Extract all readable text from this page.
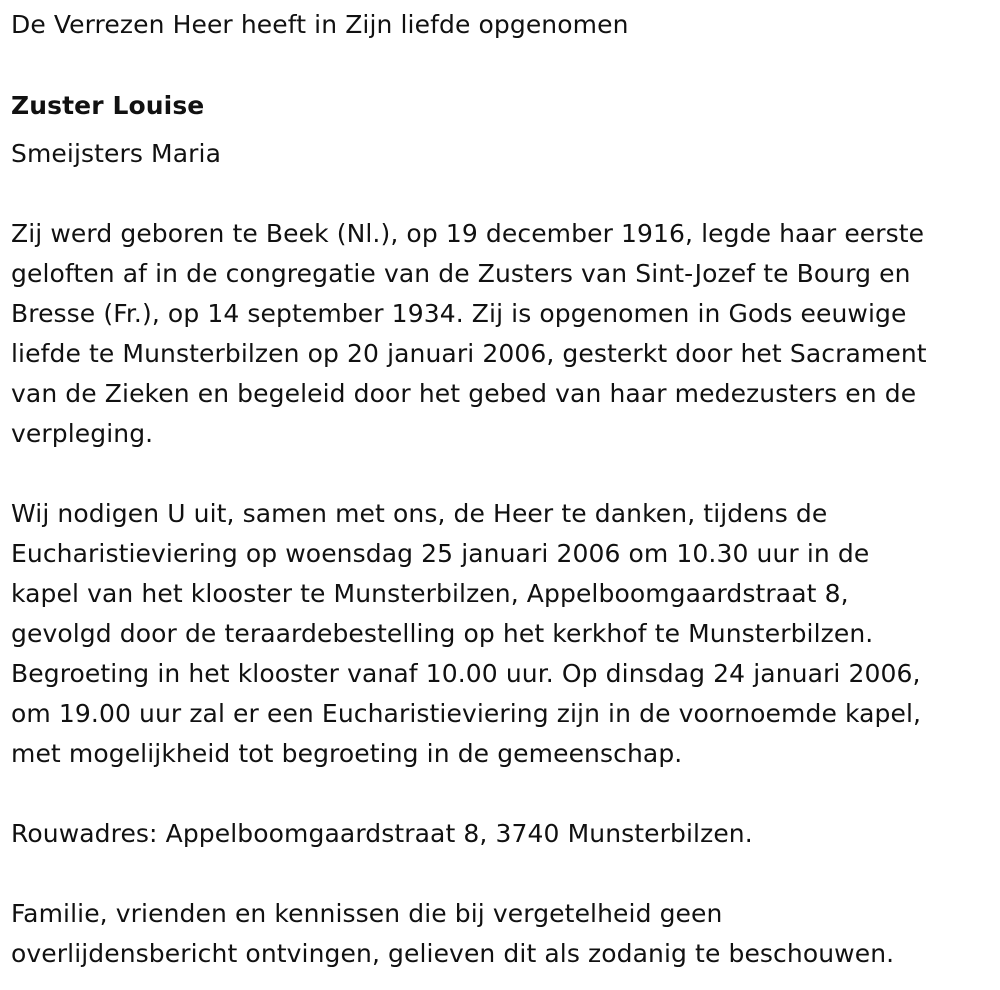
De Verrezen Heer heeft in Zijn liefde opgenomen
Zuster Louise
Smeijsters Maria
Zij werd geboren te Beek (Nl.), op 19 december 1916, legde haar eerste
geloften af in de congregatie van de Zusters van Sint-Jozef te Bourg en
Bresse (Fr.), op 14 september 1934. Zij is opgenomen in Gods eeuwige
liefde te Munsterbilzen op 20 januari 2006, gesterkt door het Sacrament
van de Zieken en begeleid door het gebed van haar medezusters en de
verpleging.
Wij nodigen U uit, samen met ons, de Heer te danken, tijdens de
Eucharistieviering op woensdag 25 januari 2006 om 10.30 uur in de
kapel van het klooster te Munsterbilzen, Appelboomgaardstraat 8,
gevolgd door de teraardebestelling op het kerkhof te Munsterbilzen.
Begroeting in het klooster vanaf 10.00 uur. Op dinsdag 24 januari 2006,
om 19.00 uur zal er een Eucharistieviering zijn in de voornoemde kapel,
met mogelijkheid tot begroeting in de gemeenschap.
Rouwadres: Appelboomgaardstraat 8, 3740 Munsterbilzen.
Familie, vrienden en kennissen die bij vergetelheid geen
overlijdensbericht ontvingen, gelieven dit als zodanig te beschouwen.
